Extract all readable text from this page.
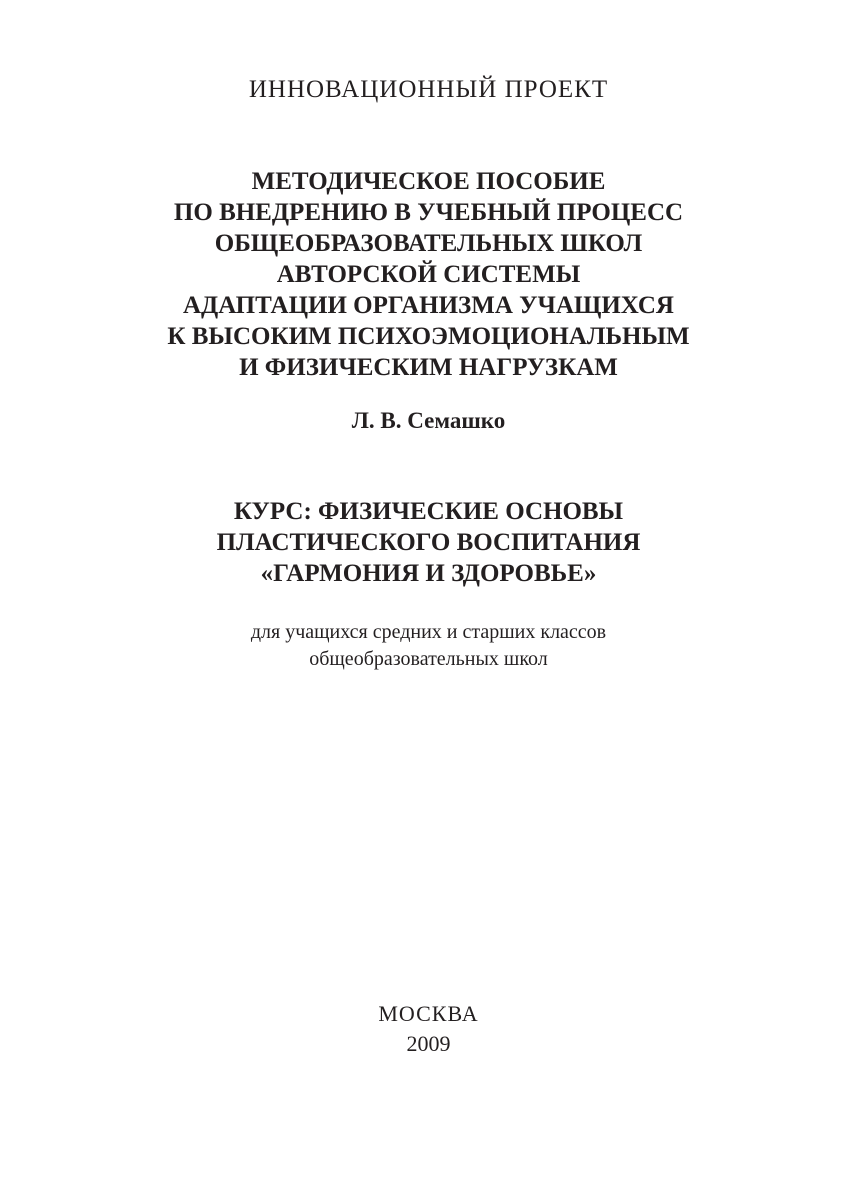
ИННОВАЦИОННЫЙ ПРОЕКТ
МЕТОДИЧЕСКОЕ ПОСОБИЕ
ПО ВНЕДРЕНИЮ В УЧЕБНЫЙ ПРОЦЕСС
ОБЩЕОБРАЗОВАТЕЛЬНЫХ ШКОЛ
АВТОРСКОЙ СИСТЕМЫ
АДАПТАЦИИ ОРГАНИЗМА УЧАЩИХСЯ
К ВЫСОКИМ ПСИХОЭМОЦИОНАЛЬНЫМ
И ФИЗИЧЕСКИМ НАГРУЗКАМ
Л. В. Семашко
КУРС: ФИЗИЧЕСКИЕ ОСНОВЫ
ПЛАСТИЧЕСКОГО ВОСПИТАНИЯ
«ГАРМОНИЯ И ЗДОРОВЬЕ»
для учащихся средних и старших классов
общеобразовательных школ
МОСКВА
2009
